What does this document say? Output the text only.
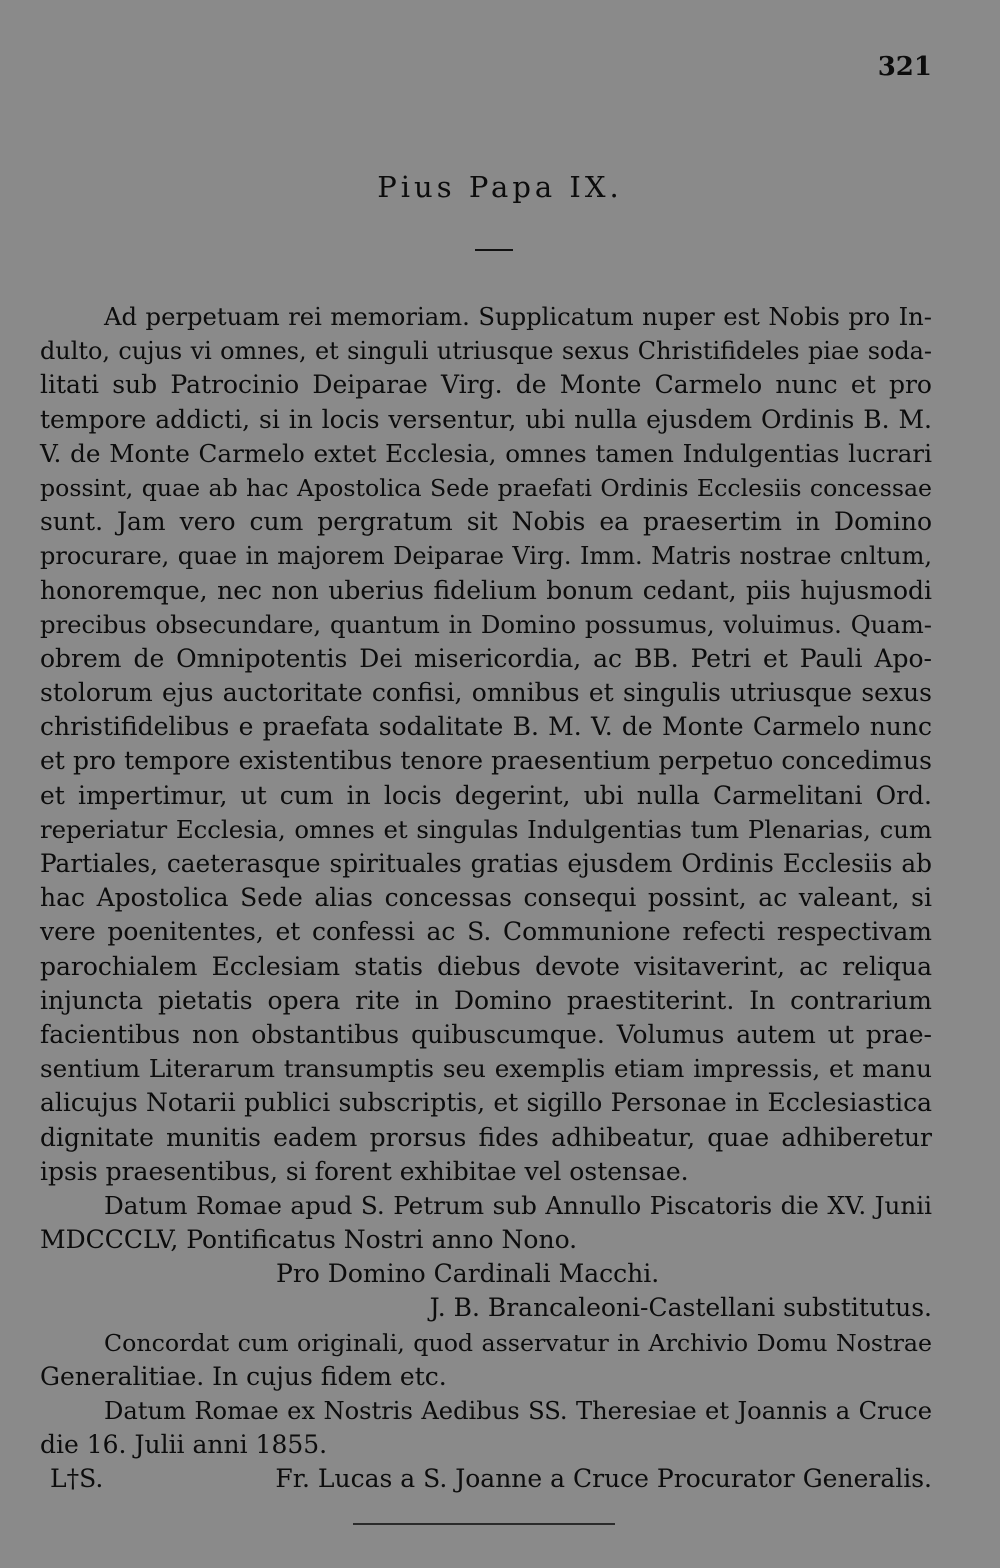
321
Pius Papa IX.
Ad perpetuam rei memoriam. Supplicatum nuper est Nobis pro In-
dulto, cujus vi omnes, et singuli utriusque sexus Christifideles piae soda-
litati sub Patrocinio Deiparae Virg. de Monte Carmelo nunc et pro
tempore addicti, si in locis versentur, ubi nulla ejusdem Ordinis B. M.
V. de Monte Carmelo extet Ecclesia, omnes tamen Indulgentias lucrari
possint, quae ab hac Apostolica Sede praefati Ordinis Ecclesiis concessae
sunt. Jam vero cum pergratum sit Nobis ea praesertim in Domino
procurare, quae in majorem Deiparae Virg. Imm. Matris nostrae cnltum,
honoremque, nec non uberius fidelium bonum cedant, piis hujusmodi
precibus obsecundare, quantum in Domino possumus, voluimus. Quam-
obrem de Omnipotentis Dei misericordia, ac BB. Petri et Pauli Apo-
stolorum ejus auctoritate confisi, omnibus et singulis utriusque sexus
christifidelibus e praefata sodalitate B. M. V. de Monte Carmelo nunc
et pro tempore existentibus tenore praesentium perpetuo concedimus
et impertimur, ut cum in locis degerint, ubi nulla Carmelitani Ord.
reperiatur Ecclesia, omnes et singulas Indulgentias tum Plenarias, cum
Partiales, caeterasque spirituales gratias ejusdem Ordinis Ecclesiis ab
hac Apostolica Sede alias concessas consequi possint, ac valeant, si
vere poenitentes, et confessi ac S. Communione refecti respectivam
parochialem Ecclesiam statis diebus devote visitaverint, ac reliqua
injuncta pietatis opera rite in Domino praestiterint. In contrarium
facientibus non obstantibus quibuscumque. Volumus autem ut prae-
sentium Literarum transumptis seu exemplis etiam impressis, et manu
alicujus Notarii publici subscriptis, et sigillo Personae in Ecclesiastica
dignitate munitis eadem prorsus fides adhibeatur, quae adhiberetur
ipsis praesentibus, si forent exhibitae vel ostensae.
Datum Romae apud S. Petrum sub Annullo Piscatoris die XV. Junii
MDCCCLV, Pontificatus Nostri anno Nono.
Pro Domino Cardinali Macchi.
J. B. Brancaleoni-Castellani substitutus.
Concordat cum originali, quod asservatur in Archivio Domu Nostrae
Generalitiae. In cujus fidem etc.
Datum Romae ex Nostris Aedibus SS. Theresiae et Joannis a Cruce
die 16. Julii anni 1855.
L†S.	Fr. Lucas a S. Joanne a Cruce Procurator Generalis.
